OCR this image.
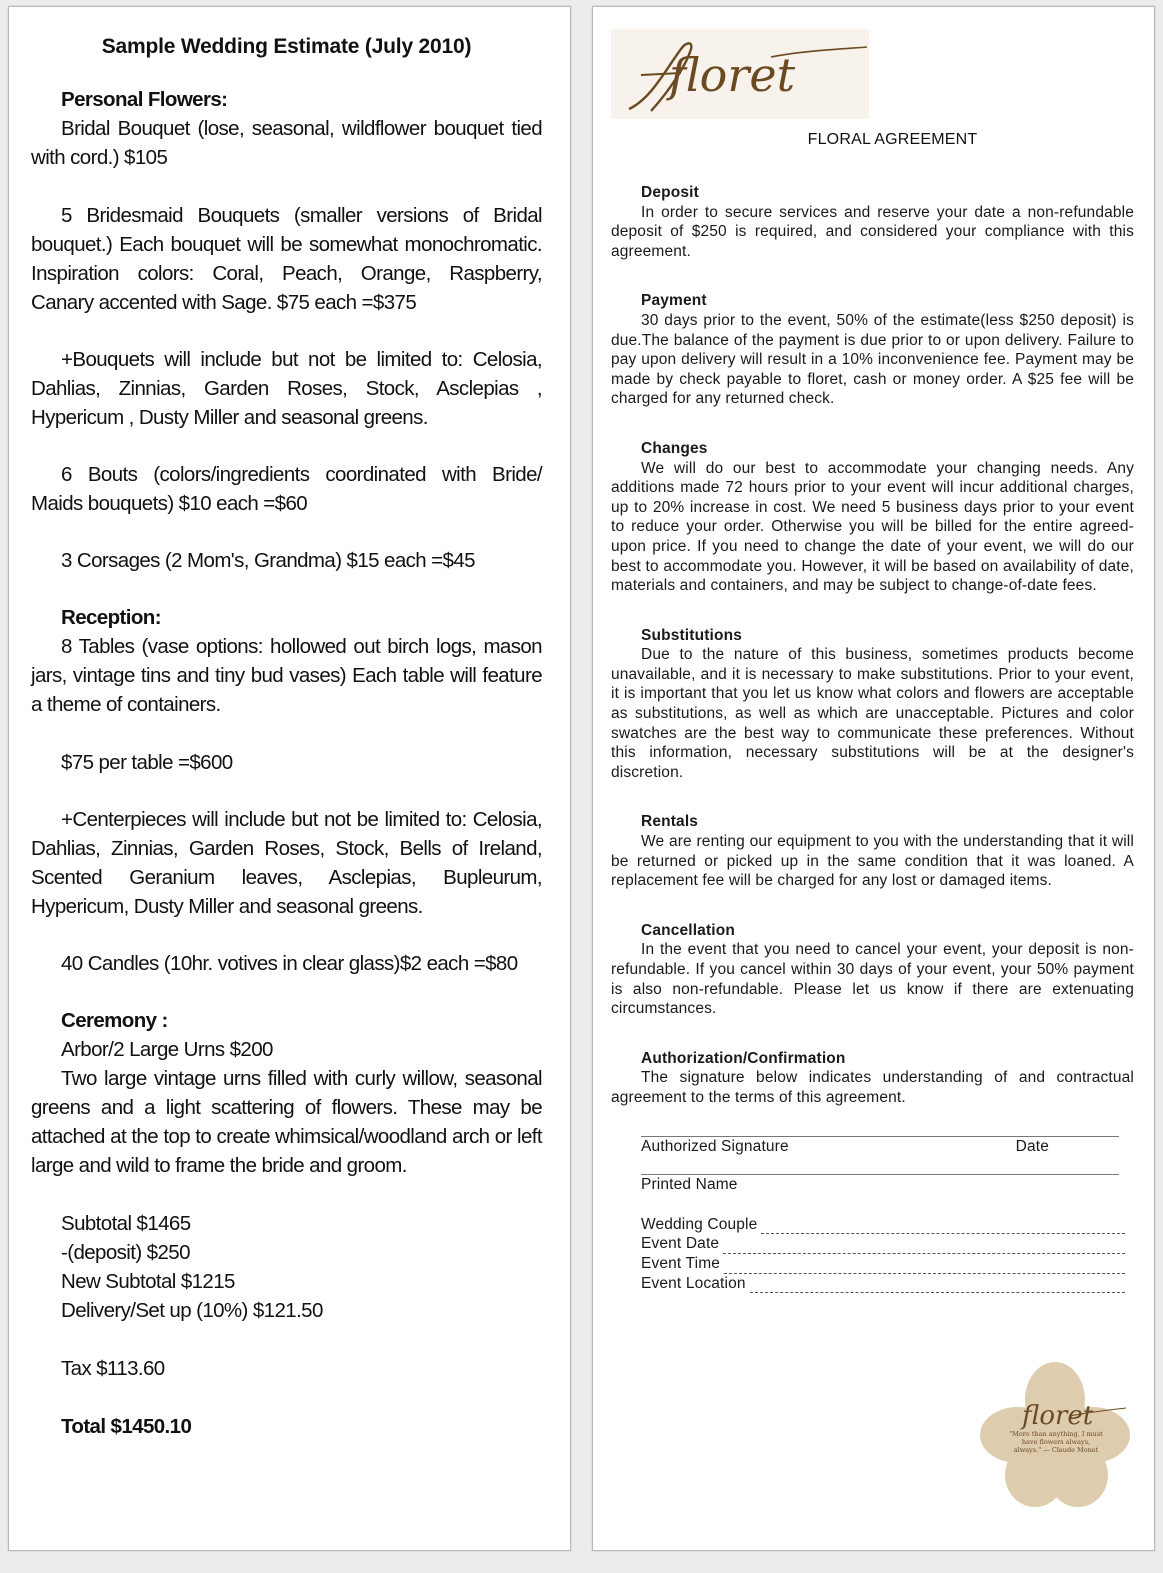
Sample Wedding Estimate (July 2010)

Personal Flowers:

Bridal Bouquet (lose, seasonal, wildflower bouquet tied with cord.) $105

5 Bridesmaid Bouquets (smaller versions of Bridal bouquet.) Each bouquet will be somewhat monochromatic. Inspiration colors: Coral, Peach, Orange, Raspberry, Canary accented with Sage. $75 each =$375

+Bouquets will include but not be limited to: Celosia, Dahlias, Zinnias, Garden Roses, Stock, Asclepias , Hypericum , Dusty Miller and seasonal greens.

6 Bouts (colors/ingredients coordinated with Bride/ Maids bouquets) $10 each =$60

3 Corsages (2 Mom's, Grandma) $15 each =$45

Reception:

8 Tables (vase options: hollowed out birch logs, mason jars, vintage tins and tiny bud vases) Each table will feature a theme of containers.

$75 per table =$600

+Centerpieces will include but not be limited to: Celosia, Dahlias, Zinnias, Garden Roses, Stock, Bells of Ireland, Scented Geranium leaves, Asclepias, Bupleurum, Hypericum, Dusty Miller and seasonal greens.

40 Candles (10hr. votives in clear glass)$2 each =$80

Ceremony :

Arbor/2 Large Urns $200

Two large vintage urns filled with curly willow, seasonal greens and a light scattering of flowers. These may be attached at the top to create whimsical/woodland arch or left large and wild to frame the bride and groom.

Subtotal $1465

-(deposit) $250

New Subtotal $1215

Delivery/Set up (10%) $121.50

Tax $113.60

Total $1450.10

floret
FLORAL AGREEMENT

Deposit

In order to secure services and reserve your date a non-refundable deposit of $250 is required, and considered your compliance with this agreement.

Payment

30 days prior to the event, 50% of the estimate(less $250 deposit) is due.The balance of the payment is due prior to or upon delivery. Failure to pay upon delivery will result in a 10% inconvenience fee. Payment may be made by check payable to floret, cash or money order. A $25 fee will be charged for any returned check.

Changes

We will do our best to accommodate your changing needs. Any additions made 72 hours prior to your event will incur additional charges, up to 20% increase in cost. We need 5 business days prior to your event to reduce your order. Otherwise you will be billed for the entire agreed-upon price. If you need to change the date of your event, we will do our best to accommodate you. However, it will be based on availability of date, materials and containers, and may be subject to change-of-date fees.

Substitutions

Due to the nature of this business, sometimes products become unavailable, and it is necessary to make substitutions. Prior to your event, it is important that you let us know what colors and flowers are acceptable as substitutions, as well as which are unacceptable. Pictures and color swatches are the best way to communicate these preferences. Without this information, necessary substitutions will be at the designer's discretion.

Rentals

We are renting our equipment to you with the understanding that it will be returned or picked up in the same condition that it was loaned. A replacement fee will be charged for any lost or damaged items.

Cancellation

In the event that you need to cancel your event, your deposit is non-refundable. If you cancel within 30 days of your event, your 50% payment is also non-refundable. Please let us know if there are extenuating circumstances.

Authorization/Confirmation

The signature below indicates understanding of and contractual agreement to the terms of this agreement.

Authorized Signature	Date
Printed Name
Wedding Couple
Event Date
Event Time
Event Location
floret
"More than anything, I must have flowers always, always." — Claude Monet
